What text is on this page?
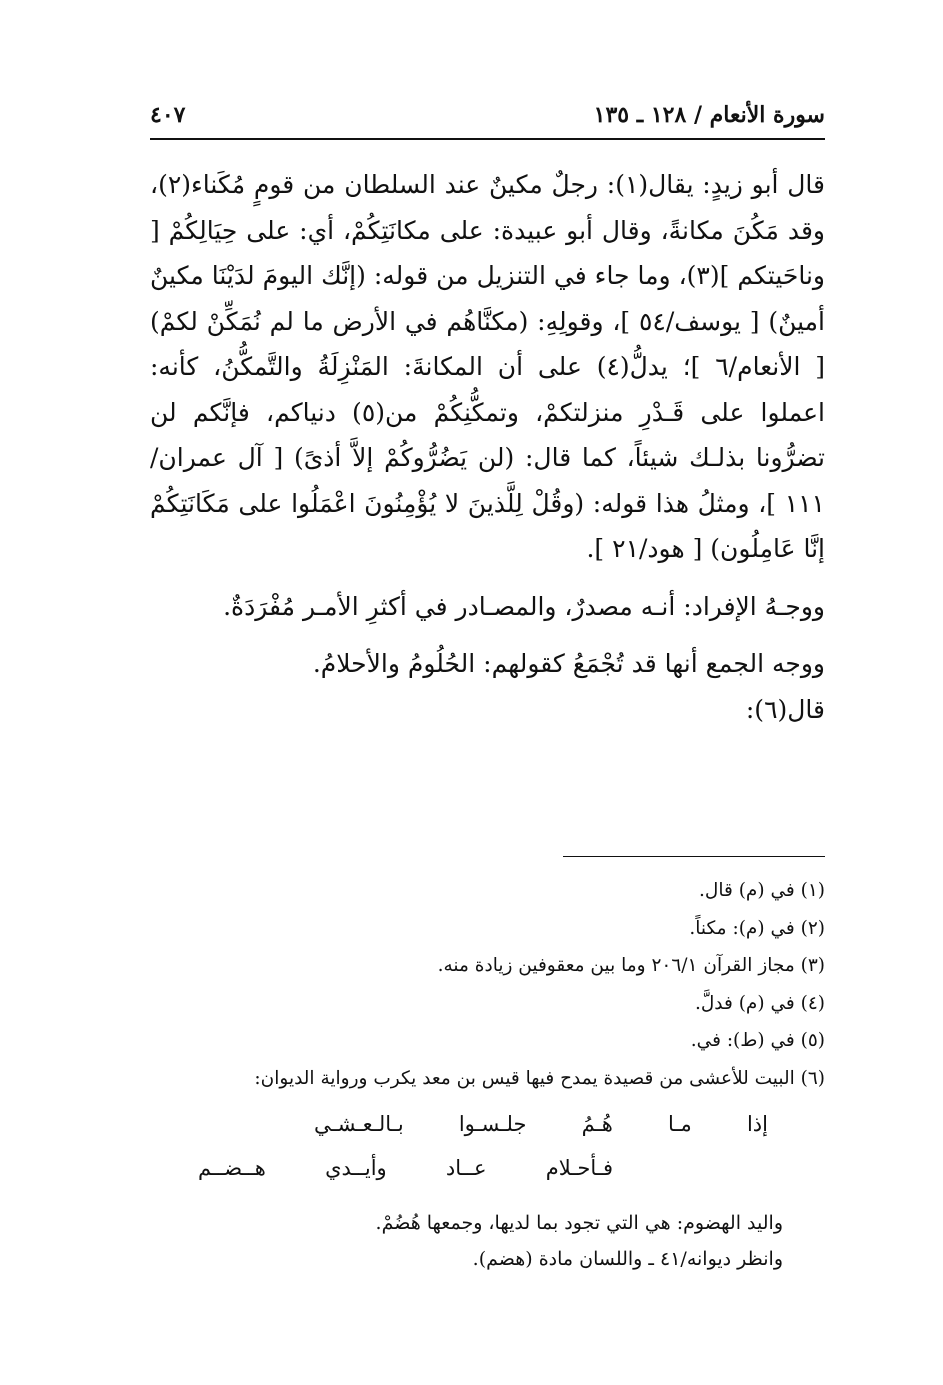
سورة الأنعام / ١٢٨ ـ ١٣٥
٤٠٧

قال أبو زيدٍ: يقال(١): رجلٌ مكينٌ عند السلطان من قومٍ مُكَناء(٢)، وقد مَكُنَ مكانةً، وقال أبو عبيدة: على مكانَتِكُمْ، أي: على حِيَالِكُمْ [ وناحَيتكم ](٣)، وما جاء في التنزيل من قوله: (إنَّك اليومَ لدَيْنَا مكينٌ أمينٌ) [ يوسف/٥٤ ]، وقولِهِ: (مكنَّاهُم في الأرض ما لم نُمَكِّنْ لكمْ) [ الأنعام/٦ ]؛ يدلُّ(٤) على أن المكانةَ: المَنْزِلَةُ والتَّمكُّنُ، كأنه: اعملوا على قَـدْرِ منزلتكمْ، وتمكُّنِكُمْ من(٥) دنياكم، فإنَّكم لن تضرُّونا بذلـك شيئاً، كما قال: (لن يَضُرُّوكُمْ إلاَّ أذىً) [ آل عمران/١١١ ]، ومثلُ هذا قوله: (وقُلْ لِلَّذينَ لا يُؤْمِنُونَ اعْمَلُوا على مَكَانَتِكُمْ إنَّا عَامِلُون) [ هود/٢١ ].

ووجـهُ الإفراد: أنـه مصدرٌ، والمصـادر في أكثرِ الأمـر مُفْرَدَةٌ.

ووجه الجمع أنها قد تُجْمَعُ كقولهم: الحُلُومُ والأحلامُ.

قال(٦):

(١) في (م) قال.
(٢) في (م): مكناً.
(٣) مجاز القرآن ٢٠٦/١ وما بين معقوفين زيادة منه.
(٤) في (م) فدلَّ.
(٥) في (ط): في.
(٦) البيت للأعشى من قصيدة يمدح فيها قيس بن معد يكرب ورواية الديوان:
إذا
مـا
هُـمُ
جلـسـوا
بـالـعـشـي
فـأحـلام
عــاد
وأيــدي
هــضــم
واليد الهضوم: هي التي تجود بما لديها، وجمعها هُضُمْ.
وانظر ديوانه/٤١ ـ واللسان مادة (هضم).
